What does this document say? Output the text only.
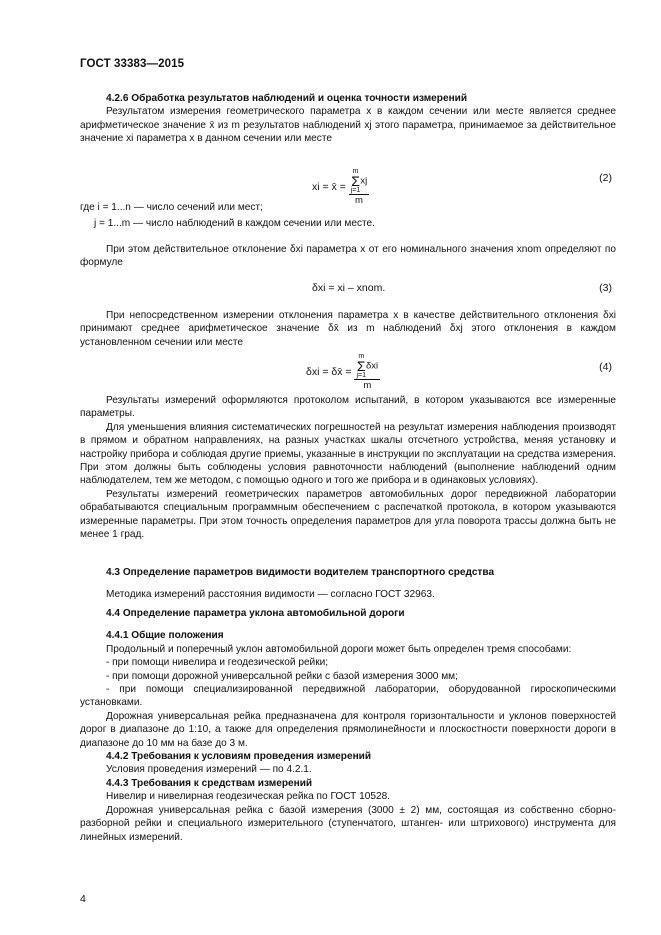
ГОСТ 33383—2015
4.2.6 Обработка результатов наблюдений и оценка точности измерений

Результатом измерения геометрического параметра x в каждом сечении или месте является среднее арифметическое значение x̄ из m результатов наблюдений xj этого параметра, принимаемое за действительное значение xi параметра x в данном сечении или месте

xi = x̄ = m
Σ
j=1
xj
m	(2)

где i = 1...n — число сечений или мест;

j = 1...m — число наблюдений в каждом сечении или месте.

При этом действительное отклонение δxi параметра x от его номинального значения xnom определяют по формуле

δxi = xi – xnom.	(3)

При непосредственном измерении отклонения параметра x в качестве действительного отклонения δxi принимают среднее арифметическое значение δx̄ из m наблюдений δxj этого отклонения в каждом установленном сечении или месте

δxi = δx̄ = m
Σ
j=1
δxi
m	(4)

Результаты измерений оформляются протоколом испытаний, в котором указываются все измеренные параметры.

Для уменьшения влияния систематических погрешностей на результат измерения наблюдения производят в прямом и обратном направлениях, на разных участках шкалы отсчетного устройства, меняя установку и настройку прибора и соблюдая другие приемы, указанные в инструкции по эксплуатации на средства измерения. При этом должны быть соблюдены условия равноточности наблюдений (выполнение наблюдений одним наблюдателем, тем же методом, с помощью одного и того же прибора и в одинаковых условиях).

Результаты измерений геометрических параметров автомобильных дорог передвижной лаборатории обрабатываются специальным программным обеспечением с распечаткой протокола, в котором указываются измеренные параметры. При этом точность определения параметров для угла поворота трассы должна быть не менее 1 град.

4.3 Определение параметров видимости водителем транспортного средства

Методика измерений расстояния видимости — согласно ГОСТ 32963.

4.4 Определение параметра уклона автомобильной дороги
4.4.1 Общие положения

Продольный и поперечный уклон автомобильной дороги может быть определен тремя способами:

- при помощи нивелира и геодезической рейки;

- при помощи дорожной универсальной рейки с базой измерения 3000 мм;

- при помощи специализированной передвижной лаборатории, оборудованной гироскопическими установками.

Дорожная универсальная рейка предназначена для контроля горизонтальности и уклонов поверхностей дорог в диапазоне до 1:10, а также для определения прямолинейности и плоскостности поверхности дороги в диапазоне до 10 мм на базе до 3 м.

4.4.2 Требования к условиям проведения измерений

Условия проведения измерений — по 4.2.1.

4.4.3 Требования к средствам измерений

Нивелир и нивелирная геодезическая рейка по ГОСТ 10528.

Дорожная универсальная рейка с базой измерения (3000 ± 2) мм, состоящая из собственно сборно-разборной рейки и специального измерительного (ступенчатого, штанген- или штрихового) инструмента для линейных измерений.

4
